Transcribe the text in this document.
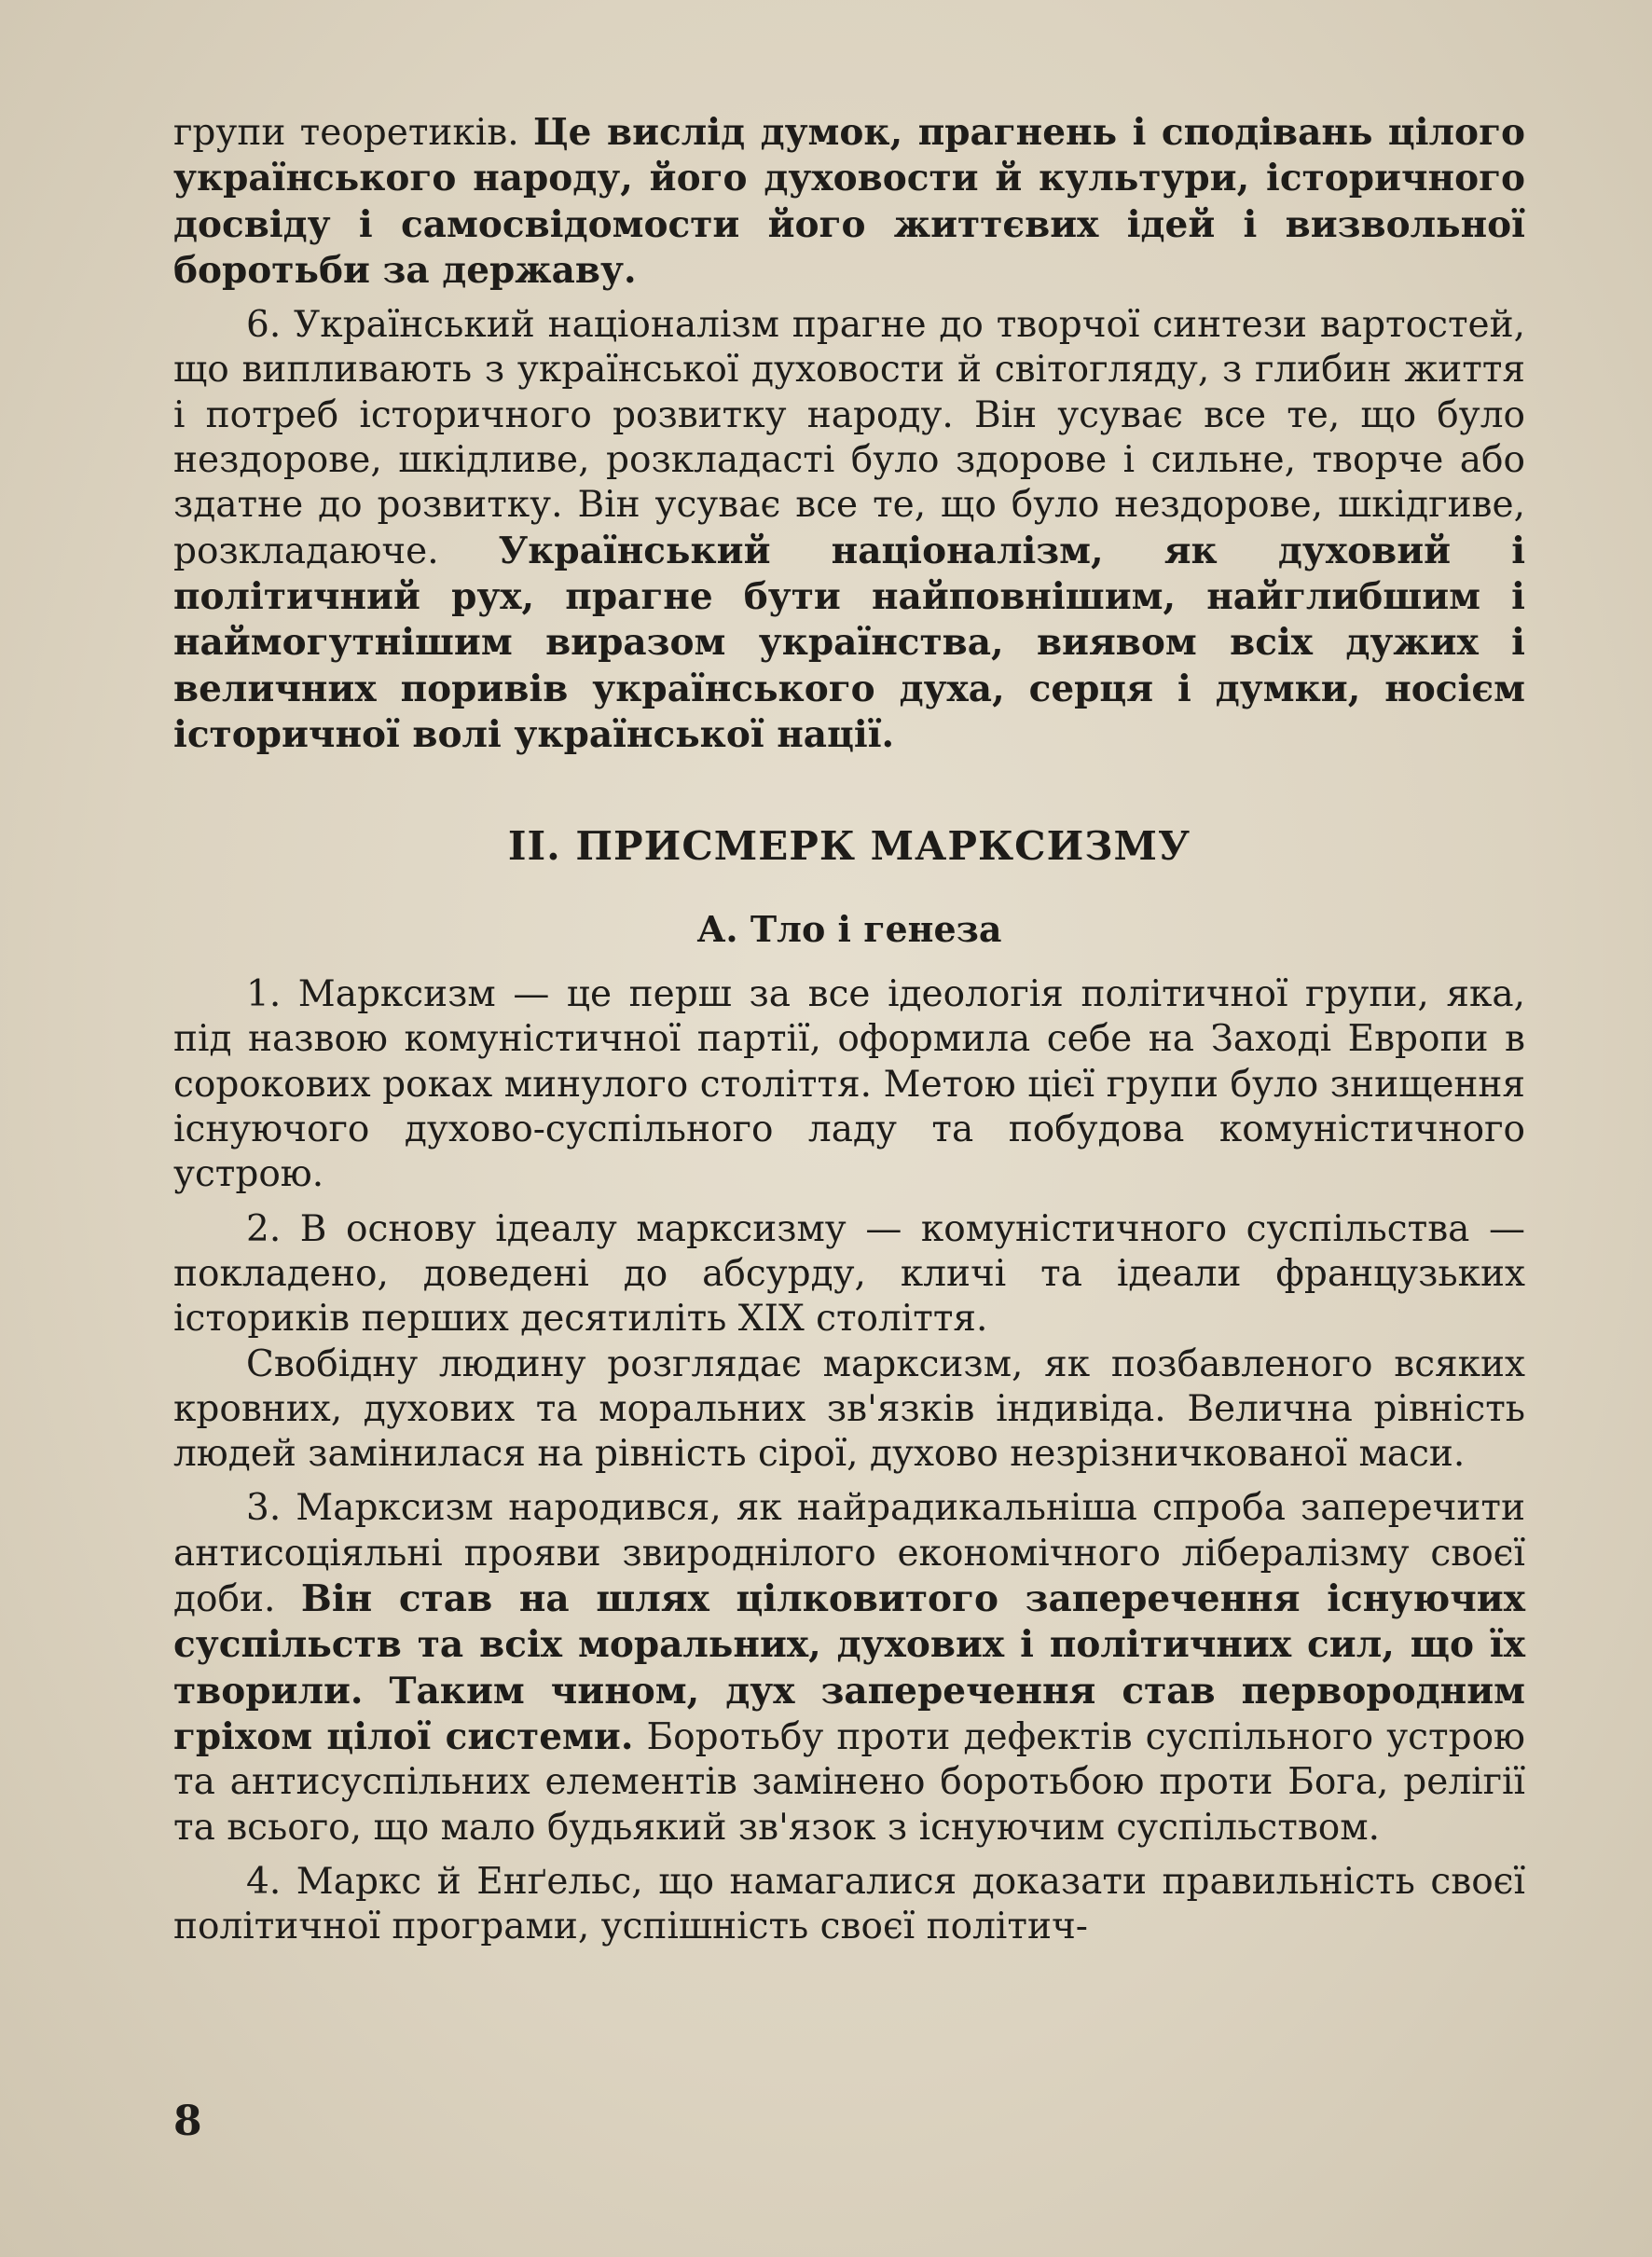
групи теоретиків. Це вислід думок, прагнень і сподівань цілого українського народу, його духовости й культури, історичного досвіду і самосвідомости його життєвих ідей і визвольної боротьби за державу.

6. Український націоналізм прагне до творчої синтези вартостей, що випливають з української духовости й світогляду, з глибин життя і потреб історичного розвитку народу. Він усуває все те, що було нездорове, шкідливе, розкладасті було здорове і сильне, творче або здатне до розвитку. Він усуває все те, що було нездорове, шкідгиве, розкладаюче. Український націоналізм, як духовий і політичний рух, прагне бути найповнішим, найглибшим і наймогутнішим виразом українства, виявом всіх дужих і величних поривів українського духа, серця і думки, носієм історичної волі української нації.

II. ПРИСМЕРК МАРКСИЗМУ
А. Тло і генеза

1. Марксизм — це перш за все ідеологія політичної групи, яка, під назвою комуністичної партії, оформила себе на Заході Европи в сорокових роках минулого століття. Метою цієї групи було знищення існуючого духово-суспільного ладу та побудова комуністичного устрою.

2. В основу ідеалу марксизму — комуністичного суспільства — покладено, доведені до абсурду, кличі та ідеали французьких історикiв перших десятиліть XIX століття.

Свобідну людину розглядає марксизм, як позбавленого всяких кровних, духових та моральних зв'язків індивіда. Величнa рівність людей замінилася на рівність сірої, духово незрізничкованої маси.

3. Марксизм народився, як найрадикальніша спроба заперечити антисоціяльні прояви звироднілого економічного лібералізму своєї доби. Він став на шлях цілковитого заперечення існуючих суспільств та всіх моральних, духових і політичних сил, що їх творили. Таким чином, дух заперечення став первородним гріхом цілої системи. Боротьбу проти дефектів суспільного устрою та антисуспільних елементів замінено боротьбою проти Бога, релігії та всього, що мало будьякий зв'язок з існуючим суспільством.

4. Маркс й Енґельс, що намагалися доказати правильність своєї політичної програми, успішність своєї політич-

8
